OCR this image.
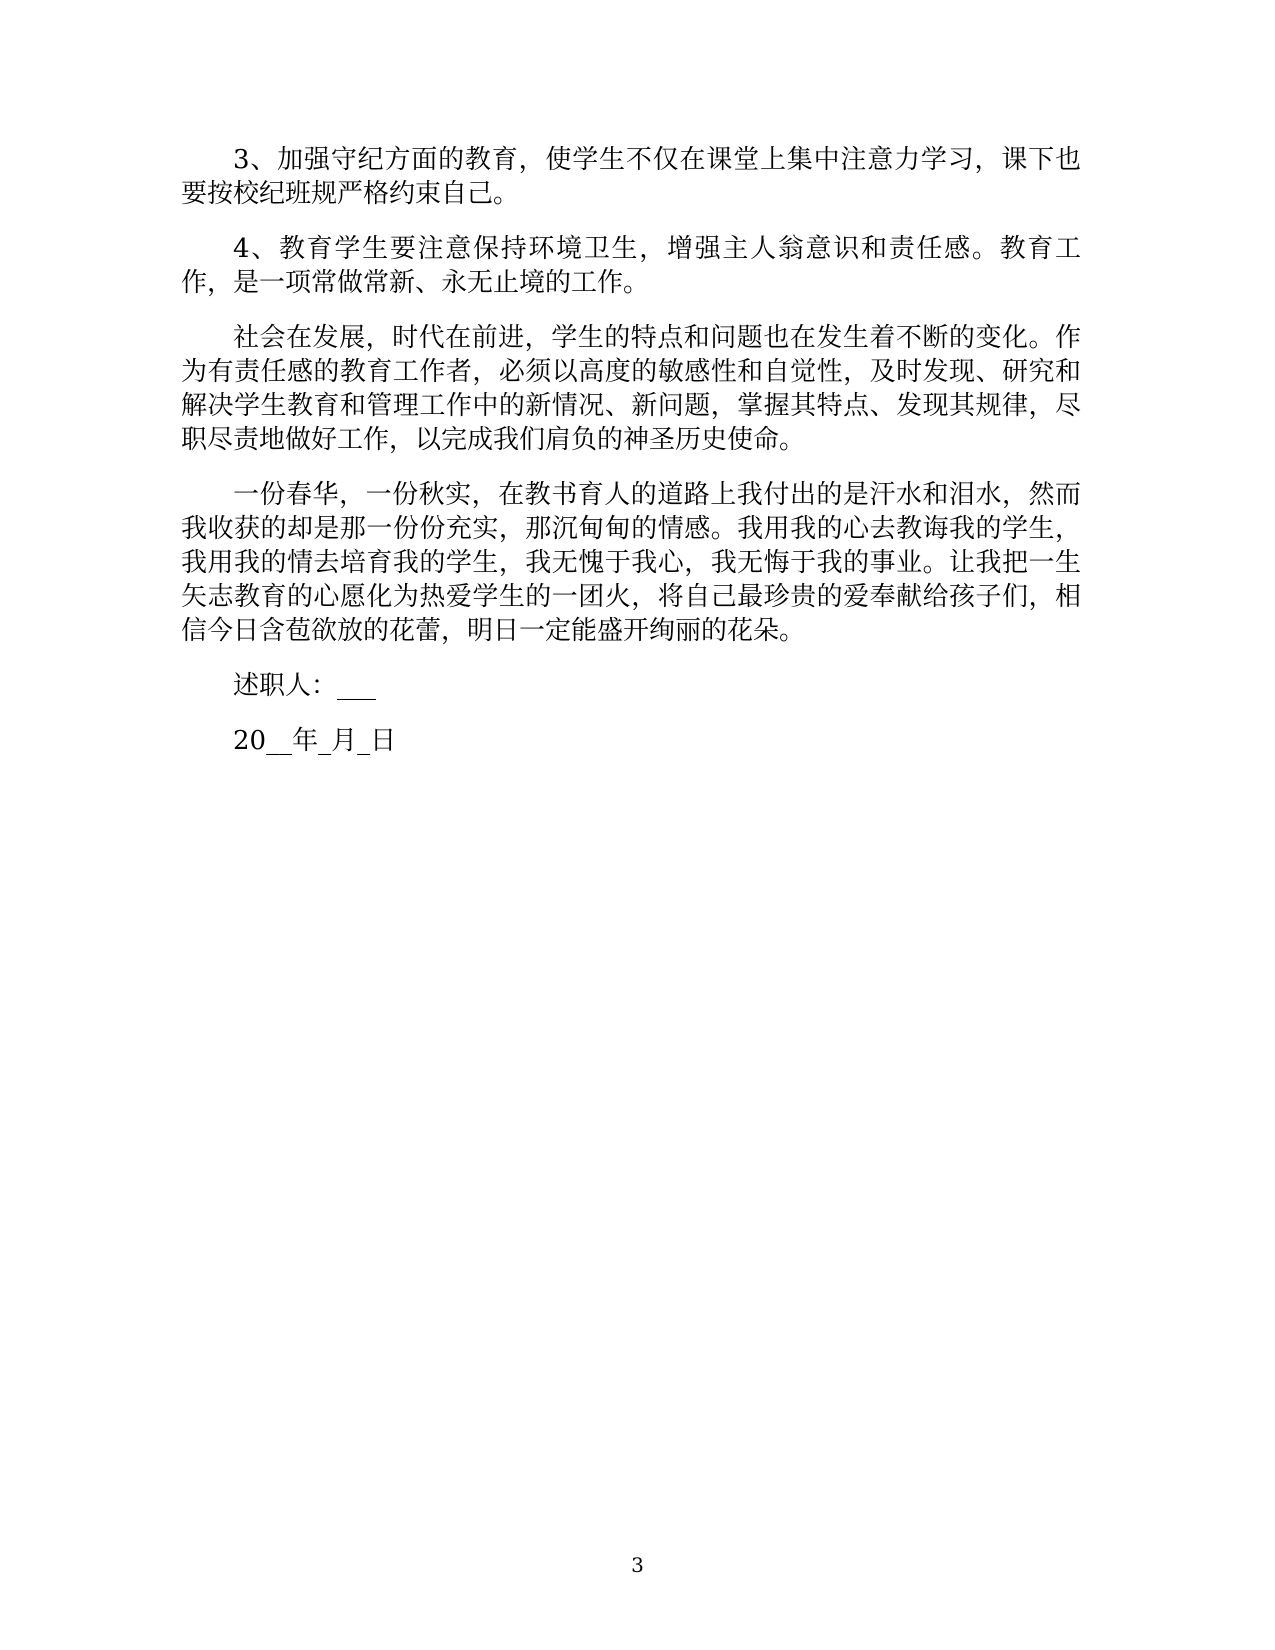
3、加强守纪方面的教育，使学生不仅在课堂上集中注意力学习，课下也要按校纪班规严格约束自己。

4、教育学生要注意保持环境卫生，增强主人翁意识和责任感。教育工作，是一项常做常新、永无止境的工作。

社会在发展，时代在前进，学生的特点和问题也在发生着不断的变化。作为有责任感的教育工作者，必须以高度的敏感性和自觉性，及时发现、研究和解决学生教育和管理工作中的新情况、新问题，掌握其特点、发现其规律，尽职尽责地做好工作，以完成我们肩负的神圣历史使命。

一份春华，一份秋实，在教书育人的道路上我付出的是汗水和泪水，然而我收获的却是那一份份充实，那沉甸甸的情感。我用我的心去教诲我的学生，我用我的情去培育我的学生，我无愧于我心，我无悔于我的事业。让我把一生矢志教育的心愿化为热爱学生的一团火，将自己最珍贵的爱奉献给孩子们，相信今日含苞欲放的花蕾，明日一定能盛开绚丽的花朵。

述职人：___

20__年_月_日

3
